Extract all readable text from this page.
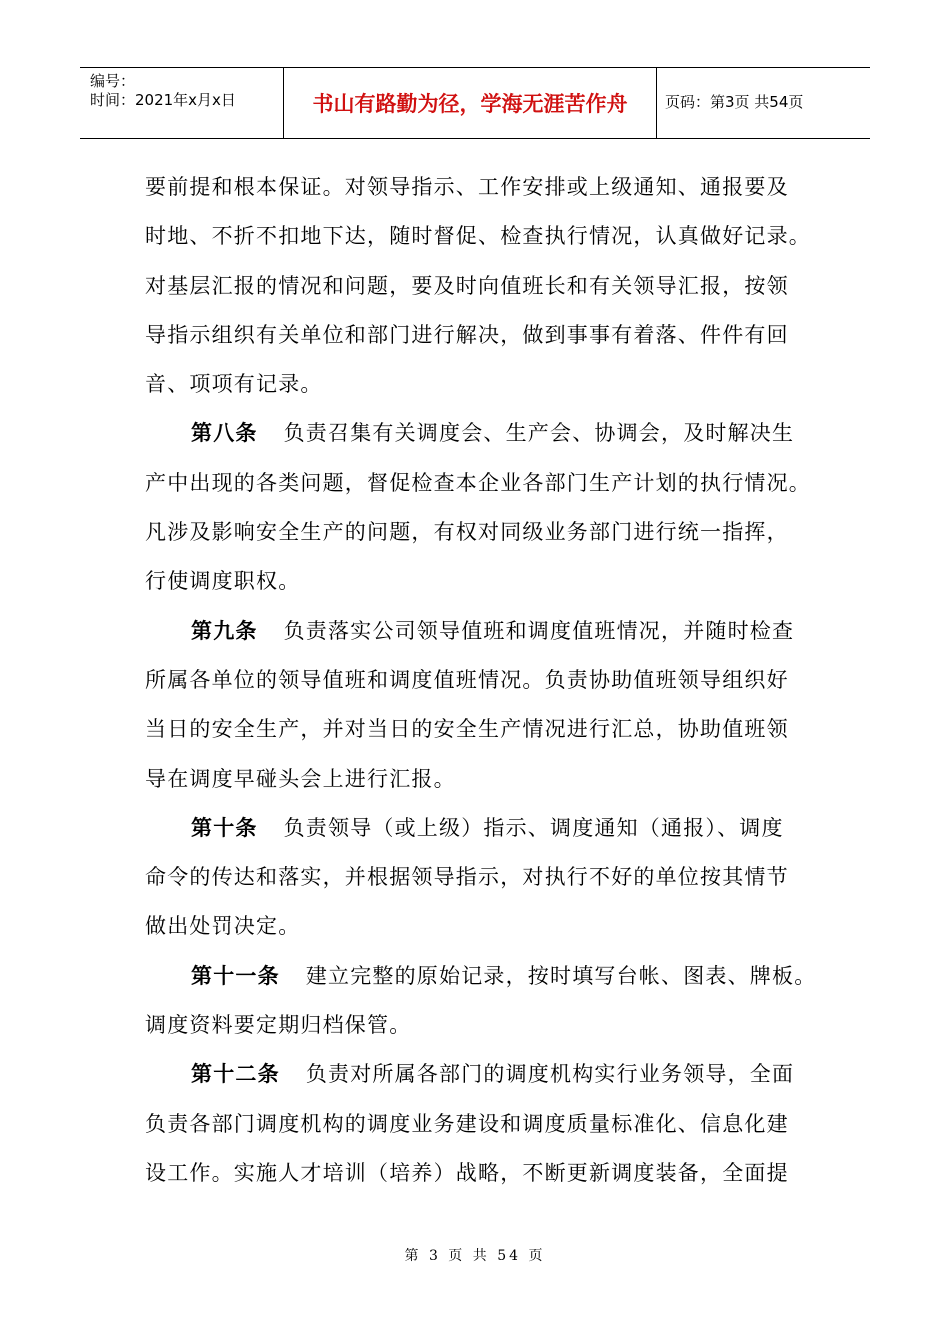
编号：
时间：2021年x月x日	书山有路勤为径，学海无涯苦作舟	页码：第3页 共54页
要前提和根本保证。对领导指示、工作安排或上级通知、通报要及
时地、不折不扣地下达，随时督促、检查执行情况，认真做好记录。
对基层汇报的情况和问题，要及时向值班长和有关领导汇报，按领
导指示组织有关单位和部门进行解决，做到事事有着落、件件有回
音、项项有记录。
第八条 负责召集有关调度会、生产会、协调会，及时解决生
产中出现的各类问题，督促检查本企业各部门生产计划的执行情况。
凡涉及影响安全生产的问题，有权对同级业务部门进行统一指挥，
行使调度职权。
第九条 负责落实公司领导值班和调度值班情况，并随时检查
所属各单位的领导值班和调度值班情况。负责协助值班领导组织好
当日的安全生产，并对当日的安全生产情况进行汇总，协助值班领
导在调度早碰头会上进行汇报。
第十条 负责领导（或上级）指示、调度通知（通报）、调度
命令的传达和落实，并根据领导指示，对执行不好的单位按其情节
做出处罚决定。
第十一条 建立完整的原始记录，按时填写台帐、图表、牌板。
调度资料要定期归档保管。
第十二条 负责对所属各部门的调度机构实行业务领导，全面
负责各部门调度机构的调度业务建设和调度质量标准化、信息化建
设工作。实施人才培训（培养）战略，不断更新调度装备，全面提
第 3 页 共 54 页
